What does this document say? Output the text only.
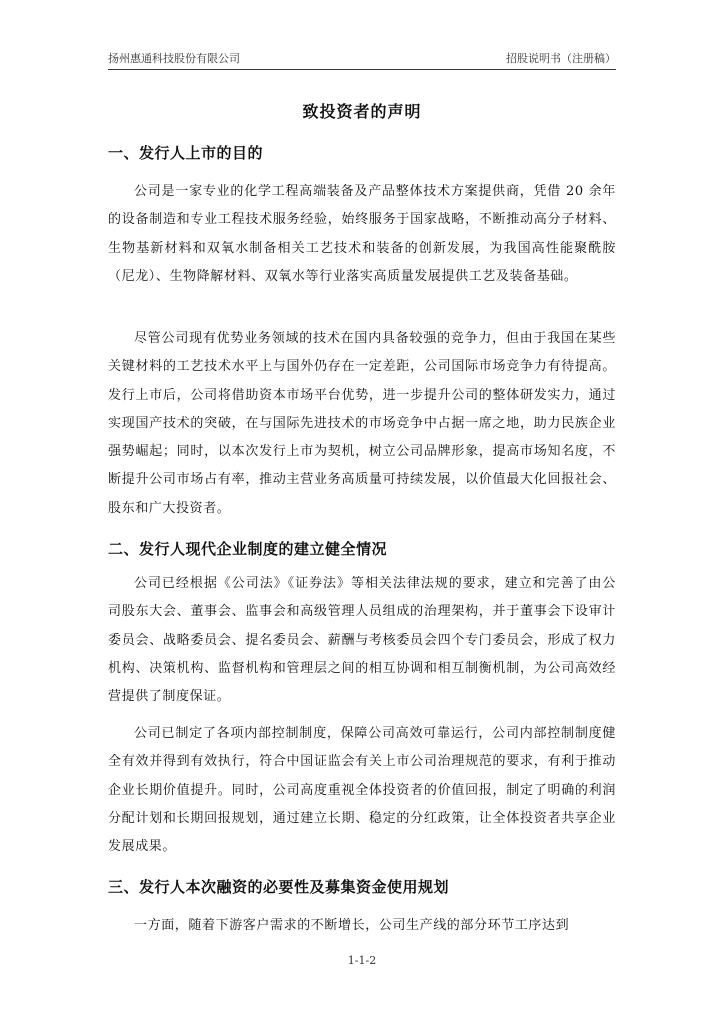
扬州惠通科技股份有限公司	招股说明书（注册稿）
致投资者的声明
一、发行人上市的目的
公司是一家专业的化学工程高端装备及产品整体技术方案提供商，凭借 20 余年的设备制造和专业工程技术服务经验，始终服务于国家战略，不断推动高分子材料、生物基新材料和双氧水制备相关工艺技术和装备的创新发展，为我国高性能聚酰胺（尼龙）、生物降解材料、双氧水等行业落实高质量发展提供工艺及装备基础。
尽管公司现有优势业务领域的技术在国内具备较强的竞争力，但由于我国在某些关键材料的工艺技术水平上与国外仍存在一定差距，公司国际市场竞争力有待提高。发行上市后，公司将借助资本市场平台优势，进一步提升公司的整体研发实力，通过实现国产技术的突破，在与国际先进技术的市场竞争中占据一席之地，助力民族企业强势崛起；同时，以本次发行上市为契机，树立公司品牌形象，提高市场知名度，不断提升公司市场占有率，推动主营业务高质量可持续发展，以价值最大化回报社会、股东和广大投资者。
二、发行人现代企业制度的建立健全情况
公司已经根据《公司法》《证券法》等相关法律法规的要求，建立和完善了由公司股东大会、董事会、监事会和高级管理人员组成的治理架构，并于董事会下设审计委员会、战略委员会、提名委员会、薪酬与考核委员会四个专门委员会，形成了权力机构、决策机构、监督机构和管理层之间的相互协调和相互制衡机制，为公司高效经营提供了制度保证。
公司已制定了各项内部控制制度，保障公司高效可靠运行，公司内部控制制度健全有效并得到有效执行，符合中国证监会有关上市公司治理规范的要求，有利于推动企业长期价值提升。同时，公司高度重视全体投资者的价值回报，制定了明确的利润分配计划和长期回报规划，通过建立长期、稳定的分红政策，让全体投资者共享企业发展成果。
三、发行人本次融资的必要性及募集资金使用规划
一方面，随着下游客户需求的不断增长，公司生产线的部分环节工序达到
1-1-2
